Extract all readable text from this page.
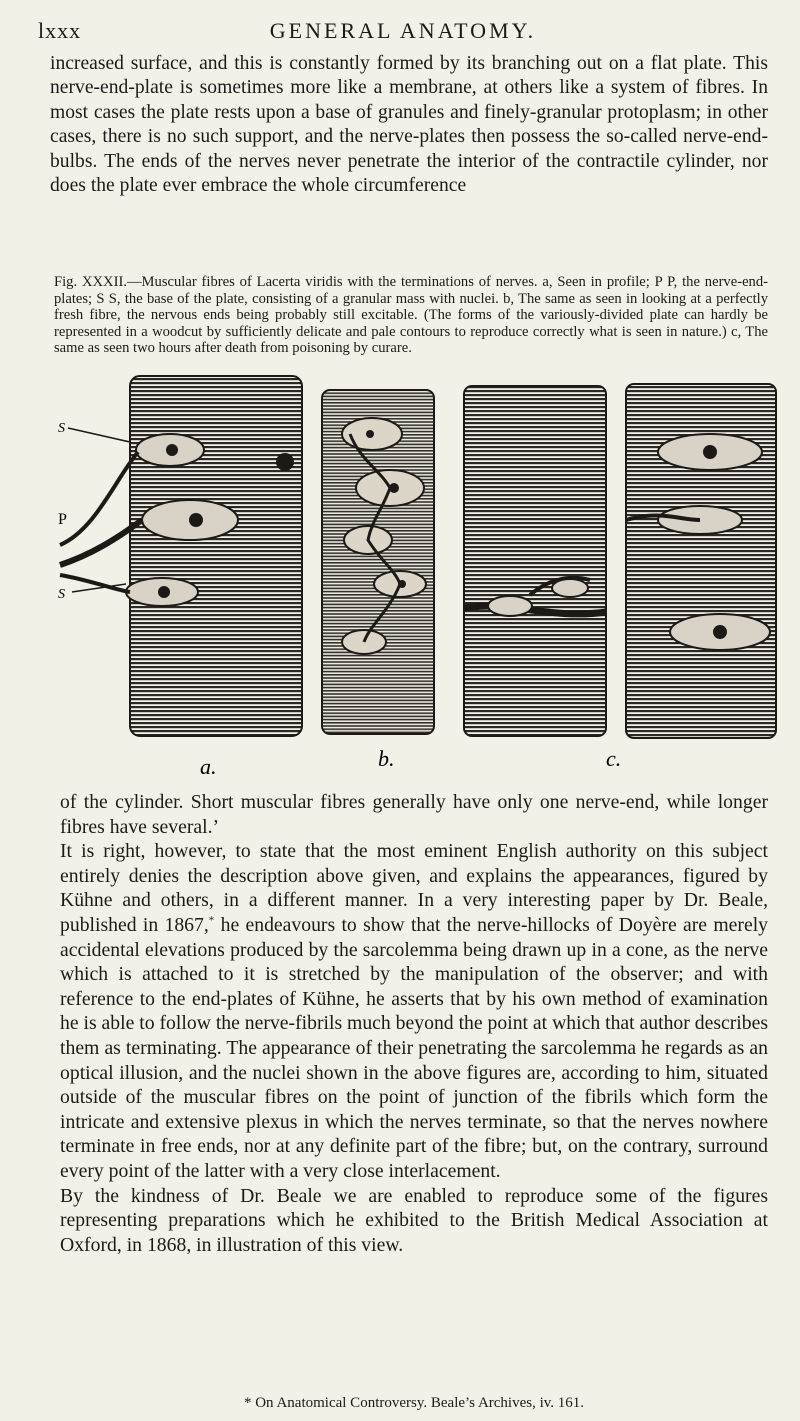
lxxx	GENERAL ANATOMY.

increased surface, and this is constantly formed by its branching out on a flat plate. This nerve-end-plate is sometimes more like a membrane, at others like a system of fibres. In most cases the plate rests upon a base of granules and finely-granular protoplasm; in other cases, there is no such support, and the nerve-plates then possess the so-called nerve-end-bulbs. The ends of the nerves never penetrate the interior of the contractile cylinder, nor does the plate ever embrace the whole circumference

Fig. XXXII.—Muscular fibres of Lacerta viridis with the terminations of nerves. a, Seen in profile; P P, the nerve-end-plates; S S, the base of the plate, consisting of a granular mass with nuclei. b, The same as seen in looking at a perfectly fresh fibre, the nervous ends being probably still excitable. (The forms of the variously-divided plate can hardly be represented in a woodcut by sufficiently delicate and pale contours to reproduce correctly what is seen in nature.) c, The same as seen two hours after death from poisoning by curare.

a.
S
P
S
b.	c.

of the cylinder. Short muscular fibres generally have only one nerve-end, while longer fibres have several.’

It is right, however, to state that the most eminent English authority on this subject entirely denies the description above given, and explains the appearances, figured by Kühne and others, in a different manner. In a very interesting paper by Dr. Beale, published in 1867,* he endeavours to show that the nerve-hillocks of Doyère are merely accidental elevations produced by the sarcolemma being drawn up in a cone, as the nerve which is attached to it is stretched by the manipulation of the observer; and with reference to the end-plates of Kühne, he asserts that by his own method of examination he is able to follow the nerve-fibrils much beyond the point at which that author describes them as terminating. The appearance of their penetrating the sarcolemma he regards as an optical illusion, and the nuclei shown in the above figures are, according to him, situated outside of the muscular fibres on the point of junction of the fibrils which form the intricate and extensive plexus in which the nerves terminate, so that the nerves nowhere terminate in free ends, nor at any definite part of the fibre; but, on the contrary, surround every point of the latter with a very close interlacement.

By the kindness of Dr. Beale we are enabled to reproduce some of the figures representing preparations which he exhibited to the British Medical Association at Oxford, in 1868, in illustration of this view.

* On Anatomical Controversy. Beale’s Archives, iv. 161.
